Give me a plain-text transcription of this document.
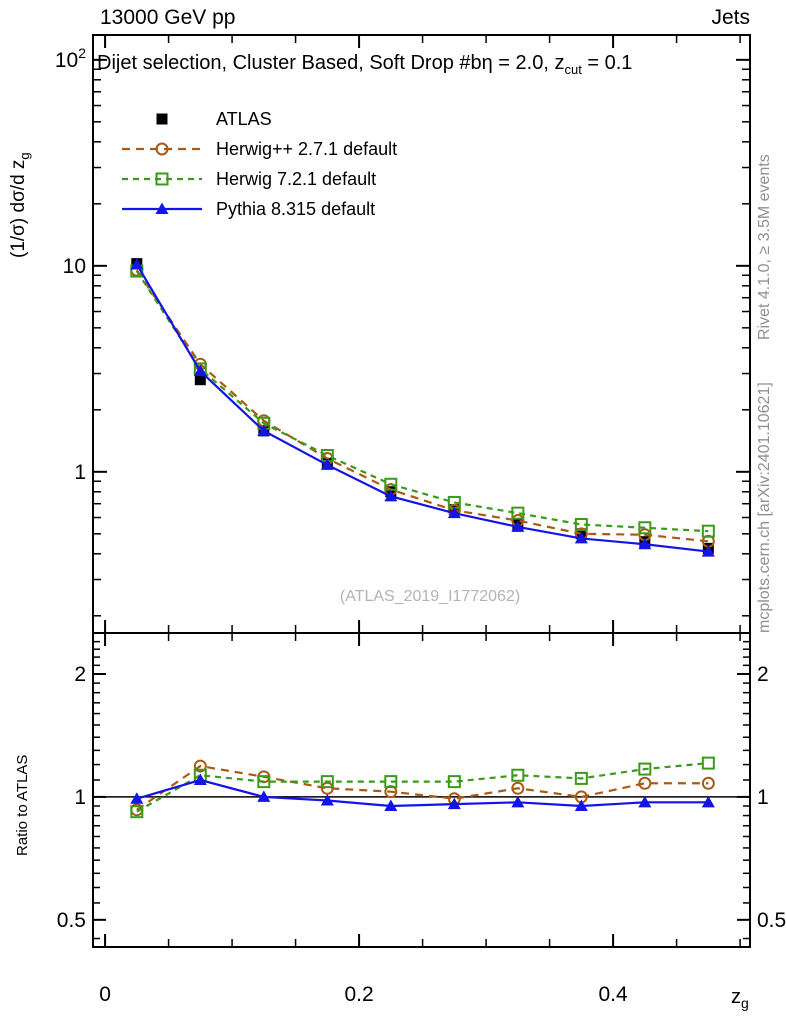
1
10
$10^2$
0.5	0.5
1	1
2	2
0	0.2	0.4
13000 GeV pp	Jets
Dijet selection, Cluster Based, Soft Drop #bη = 2.0, $z_{cut} = 0.1$
ATLAS
Herwig++ 2.7.1 default
Herwig 7.2.1 default
Pythia 8.315 default
(ATLAS_2019_I1772062)
(1/σ) dσ/d $z_g$
Ratio to ATLAS
Rivet 4.1.0, ≥ 3.5M events
mcplots.cern.ch [arXiv:2401.10621]
$z_g$
